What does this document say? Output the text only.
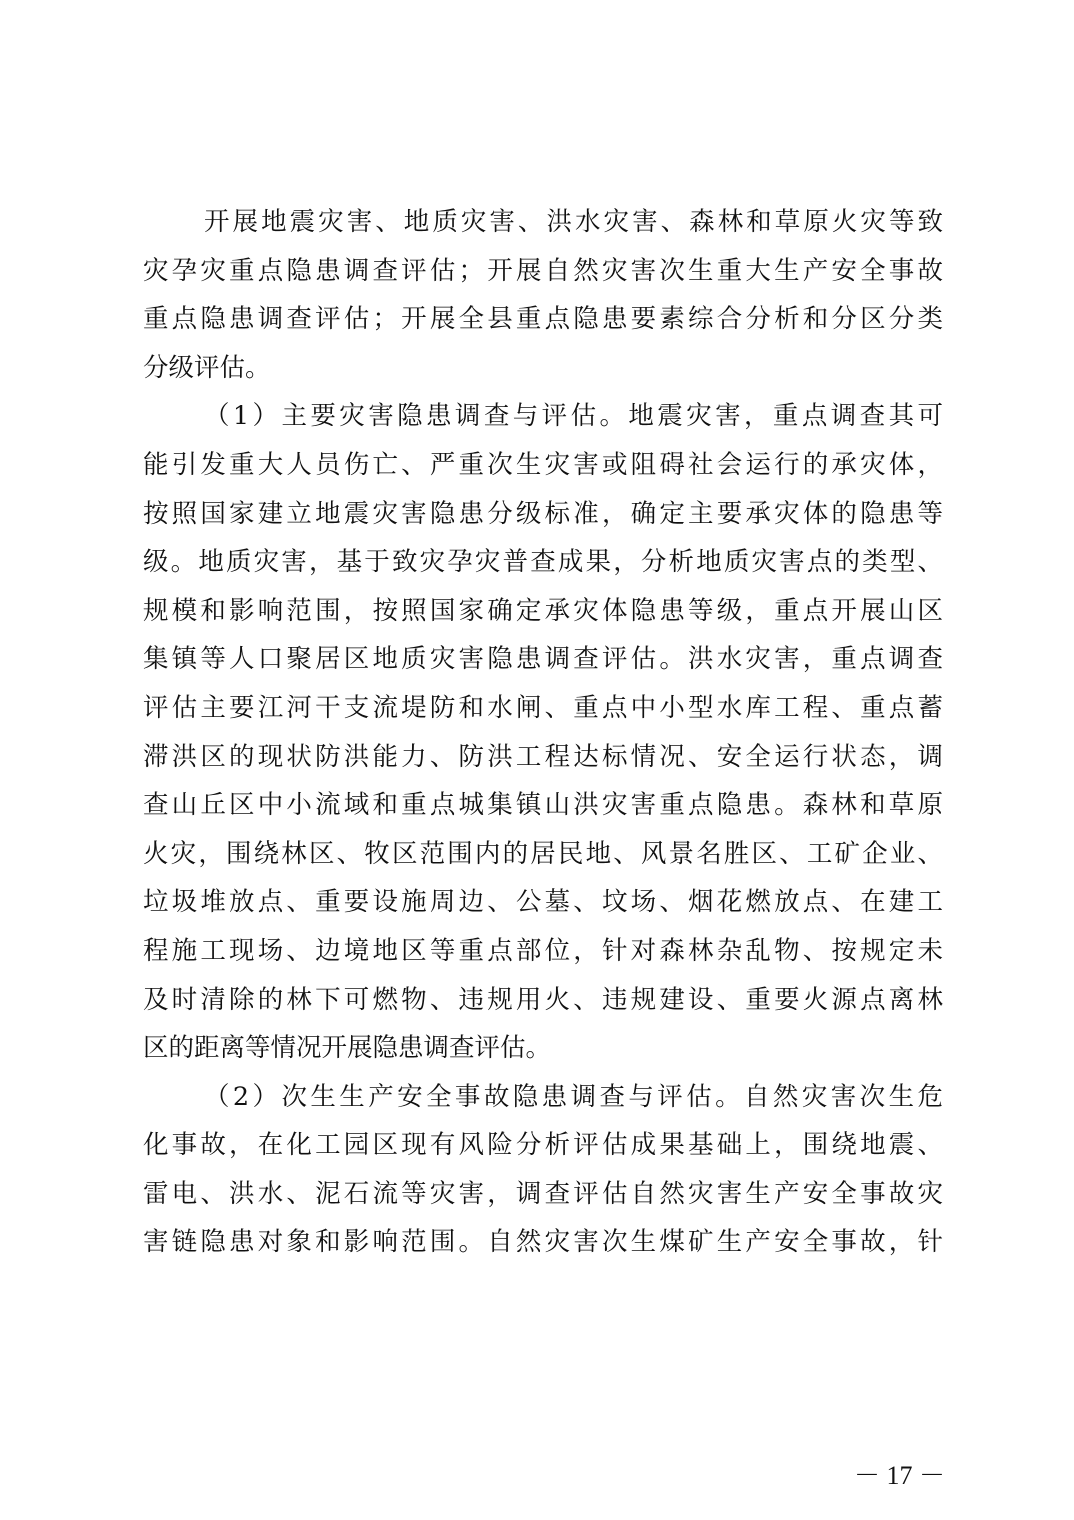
开展地震灾害、地质灾害、洪水灾害、森林和草原火灾等致
灾孕灾重点隐患调查评估；开展自然灾害次生重大生产安全事故
重点隐患调查评估；开展全县重点隐患要素综合分析和分区分类
分级评估。
（1）主要灾害隐患调查与评估。地震灾害，重点调查其可
能引发重大人员伤亡、严重次生灾害或阻碍社会运行的承灾体，
按照国家建立地震灾害隐患分级标准，确定主要承灾体的隐患等
级。地质灾害，基于致灾孕灾普查成果，分析地质灾害点的类型、
规模和影响范围，按照国家确定承灾体隐患等级，重点开展山区
集镇等人口聚居区地质灾害隐患调查评估。洪水灾害，重点调查
评估主要江河干支流堤防和水闸、重点中小型水库工程、重点蓄
滞洪区的现状防洪能力、防洪工程达标情况、安全运行状态，调
查山丘区中小流域和重点城集镇山洪灾害重点隐患。森林和草原
火灾，围绕林区、牧区范围内的居民地、风景名胜区、工矿企业、
垃圾堆放点、重要设施周边、公墓、坟场、烟花燃放点、在建工
程施工现场、边境地区等重点部位，针对森林杂乱物、按规定未
及时清除的林下可燃物、违规用火、违规建设、重要火源点离林
区的距离等情况开展隐患调查评估。
（2）次生生产安全事故隐患调查与评估。自然灾害次生危
化事故，在化工园区现有风险分析评估成果基础上，围绕地震、
雷电、洪水、泥石流等灾害，调查评估自然灾害生产安全事故灾
害链隐患对象和影响范围。自然灾害次生煤矿生产安全事故，针
－ 17 －
